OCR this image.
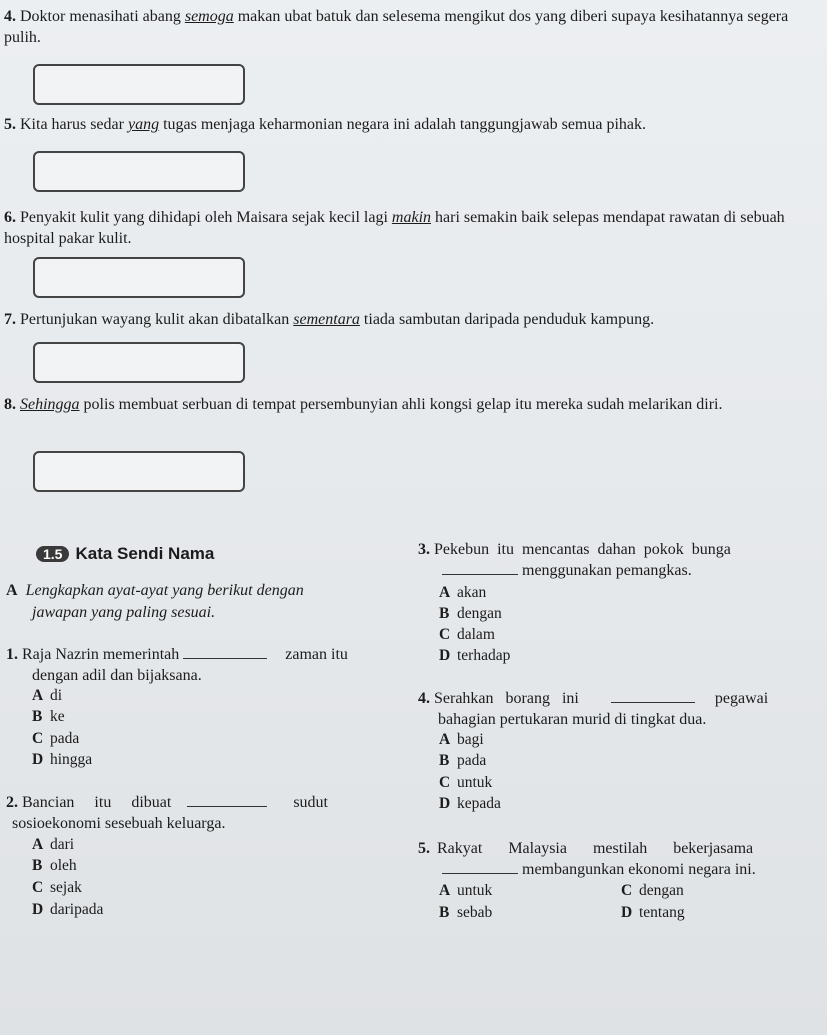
4. Doktor menasihati abang semoga makan ubat batuk dan selesema mengikut dos yang diberi supaya kesihatannya segera pulih.
5. Kita harus sedar yang tugas menjaga keharmonian negara ini adalah tanggungjawab semua pihak.
6. Penyakit kulit yang dihidapi oleh Maisara sejak kecil lagi makin hari semakin baik selepas mendapat rawatan di sebuah hospital pakar kulit.
7. Pertunjukan wayang kulit akan dibatalkan sementara tiada sambutan daripada penduduk kampung.
8. Sehingga polis membuat serbuan di tempat persembunyian ahli kongsi gelap itu mereka sudah melarikan diri.
1.5 Kata Sendi Nama
A Lengkapkan ayat-ayat yang berikut dengan
jawapan yang paling sesuai.
1. Raja Nazrin memerintah	zaman itu
dengan adil dan bijaksana.
A di
B ke
C pada
D hingga
2. Bancian     itu     dibuat	sudut
sosioekonomi sesebuah keluarga.
A dari
B oleh
C sejak
D daripada
3. Pekebun  itu  mencantas  dahan  pokok  bunga
menggunakan pemangkas.
A akan
B dengan
C dalam
D terhadap
4. Serahkan   borang   ini	pegawai
bahagian pertukaran murid di tingkat dua.
A bagi
B pada
C untuk
D kepada
5. Rakyat Malaysia mestilah bekerjasama
membangunkan ekonomi negara ini.
A untuk	C dengan
B sebab	D tentang
